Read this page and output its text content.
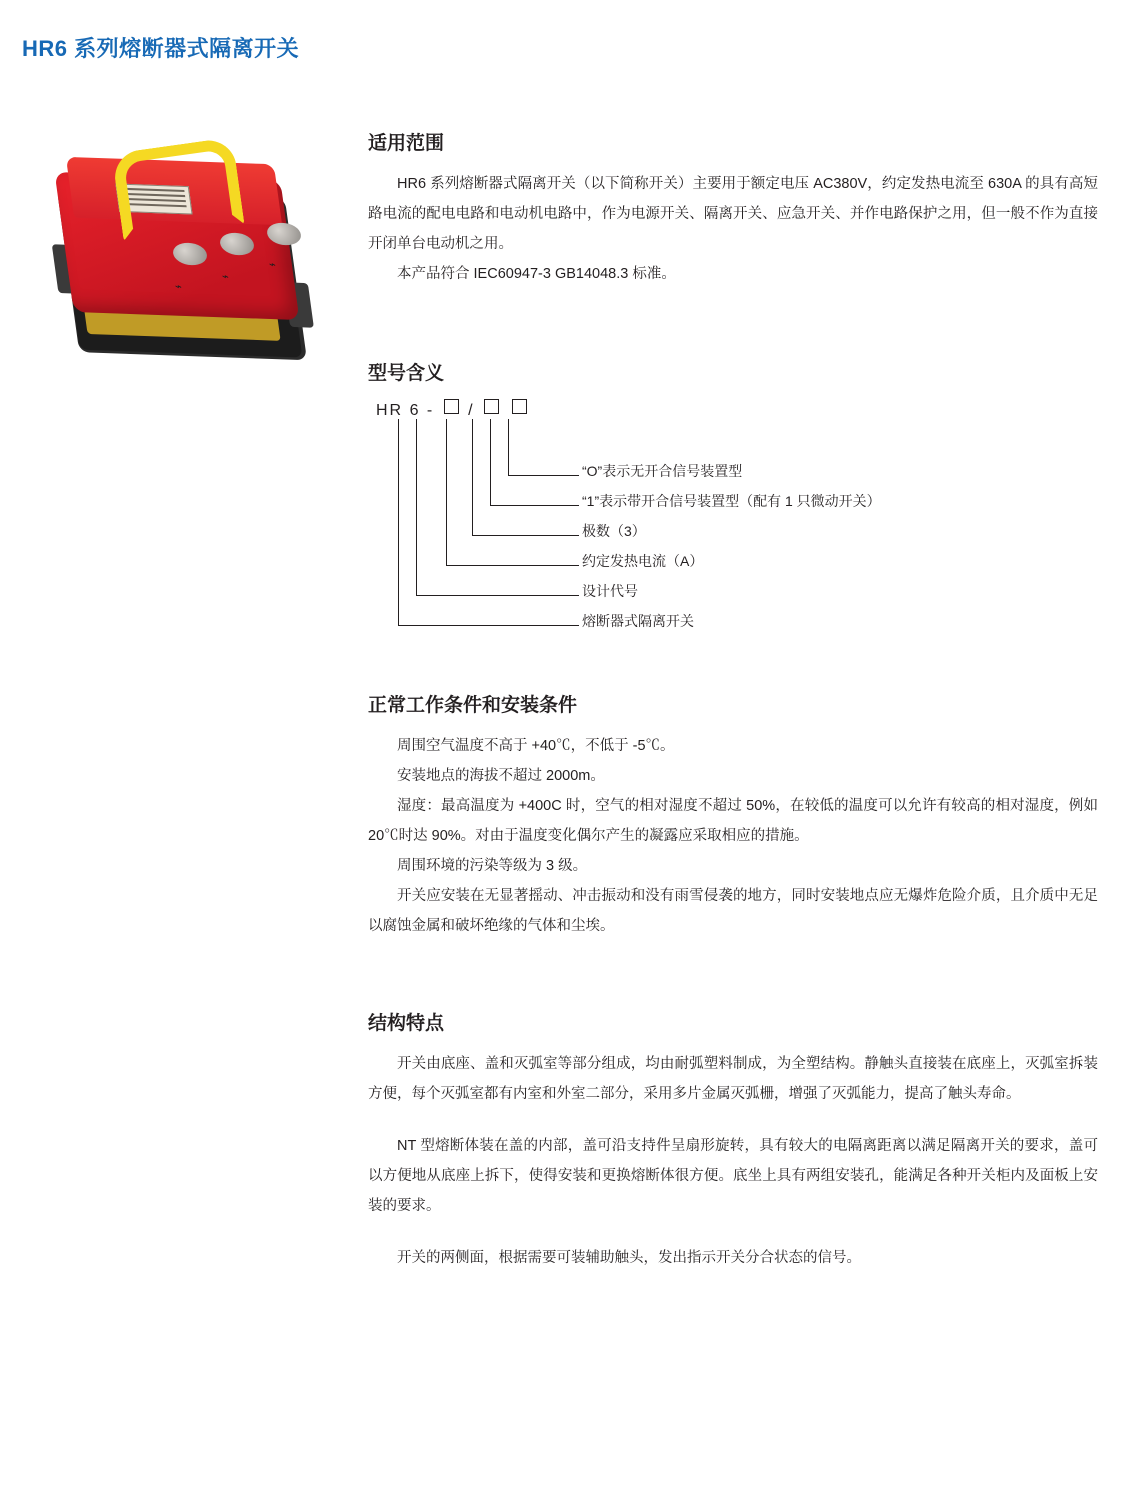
HR6 系列熔断器式隔离开关
⌁
⌁
⌁
适用范围

HR6 系列熔断器式隔离开关（以下简称开关）主要用于额定电压 AC380V，约定发热电流至 630A 的具有高短路电流的配电电路和电动机电路中，作为电源开关、隔离开关、应急开关、并作电路保护之用，但一般不作为直接开闭单台电动机之用。

本产品符合 IEC60947-3 GB14048.3 标准。

型号含义
HR 6 - /
“O”表示无开合信号装置型
“1”表示带开合信号装置型（配有 1 只微动开关）
极数（3）
约定发热电流（A）
设计代号
熔断器式隔离开关
正常工作条件和安装条件

周围空气温度不高于 +40℃，不低于 -5℃。

安装地点的海拔不超过 2000m。

湿度：最高温度为 +400C 时，空气的相对湿度不超过 50%，在较低的温度可以允许有较高的相对湿度，例如 20℃时达 90%。对由于温度变化偶尔产生的凝露应采取相应的措施。

周围环境的污染等级为 3 级。

开关应安装在无显著摇动、冲击振动和没有雨雪侵袭的地方，同时安装地点应无爆炸危险介质，且介质中无足以腐蚀金属和破坏绝缘的气体和尘埃。

结构特点

开关由底座、盖和灭弧室等部分组成，均由耐弧塑料制成，为全塑结构。静触头直接装在底座上，灭弧室拆装方便，每个灭弧室都有内室和外室二部分，采用多片金属灭弧栅，增强了灭弧能力，提高了触头寿命。

NT 型熔断体装在盖的内部，盖可沿支持件呈扇形旋转，具有较大的电隔离距离以满足隔离开关的要求，盖可以方便地从底座上拆下，使得安装和更换熔断体很方便。底坐上具有两组安装孔，能满足各种开关柜内及面板上安装的要求。

开关的两侧面，根据需要可装辅助触头，发出指示开关分合状态的信号。
